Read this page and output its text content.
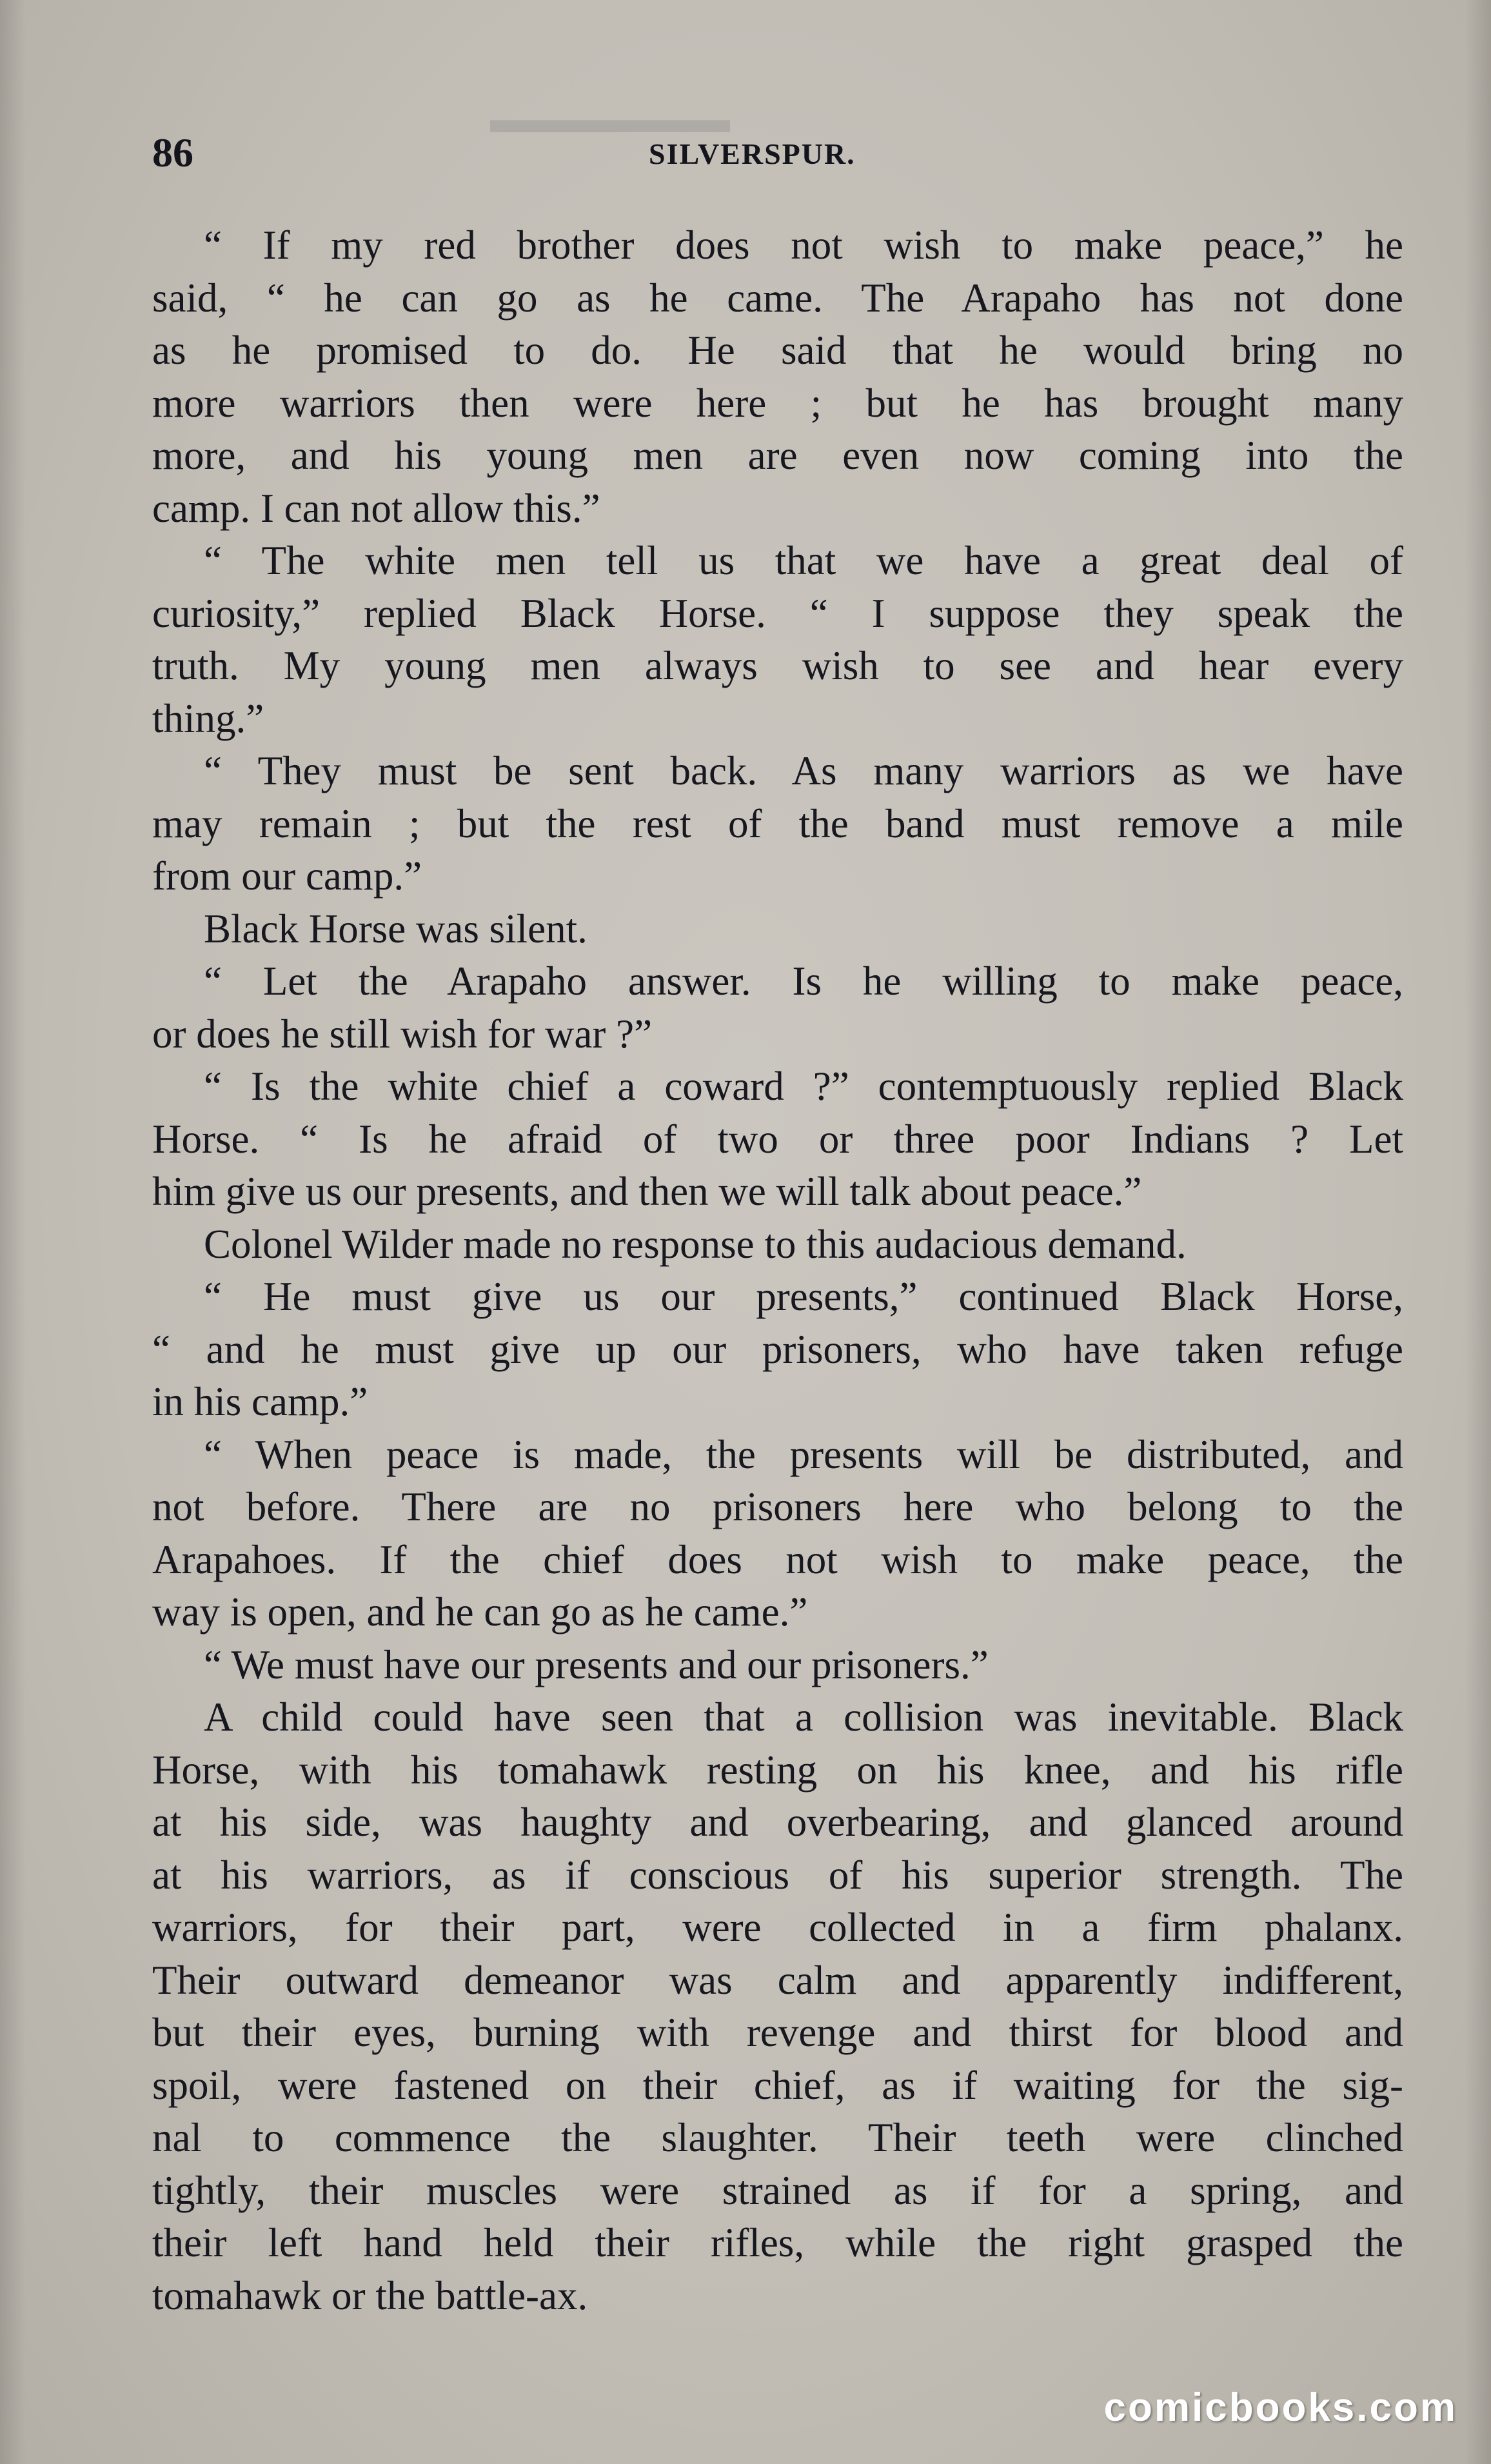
▬▬▬▬▬▬
86	SILVERSPUR.
“ If my red brother does not wish to make peace,” he
said, “ he can go as he came. The Arapaho has not done
as he promised to do. He said that he would bring no
more warriors then were here ; but he has brought many
more, and his young men are even now coming into the
camp. I can not allow this.”
“ The white men tell us that we have a great deal of
curiosity,” replied Black Horse. “ I suppose they speak the
truth. My young men always wish to see and hear every
thing.”
“ They must be sent back. As many warriors as we have
may remain ; but the rest of the band must remove a mile
from our camp.”
Black Horse was silent.
“ Let the Arapaho answer. Is he willing to make peace,
or does he still wish for war ?”
“ Is the white chief a coward ?” contemptuously replied Black
Horse. “ Is he afraid of two or three poor Indians ? Let
him give us our presents, and then we will talk about peace.”
Colonel Wilder made no response to this audacious demand.
“ He must give us our presents,” continued Black Horse,
“ and he must give up our prisoners, who have taken refuge
in his camp.”
“ When peace is made, the presents will be distributed, and
not before. There are no prisoners here who belong to the
Arapahoes. If the chief does not wish to make peace, the
way is open, and he can go as he came.”
“ We must have our presents and our prisoners.”
A child could have seen that a collision was inevitable. Black
Horse, with his tomahawk resting on his knee, and his rifle
at his side, was haughty and overbearing, and glanced around
at his warriors, as if conscious of his superior strength. The
warriors, for their part, were collected in a firm phalanx.
Their outward demeanor was calm and apparently indifferent,
but their eyes, burning with revenge and thirst for blood and
spoil, were fastened on their chief, as if waiting for the sig-
nal to commence the slaughter. Their teeth were clinched
tightly, their muscles were strained as if for a spring, and
their left hand held their rifles, while the right grasped the
tomahawk or the battle-ax.
comicbooks.com
